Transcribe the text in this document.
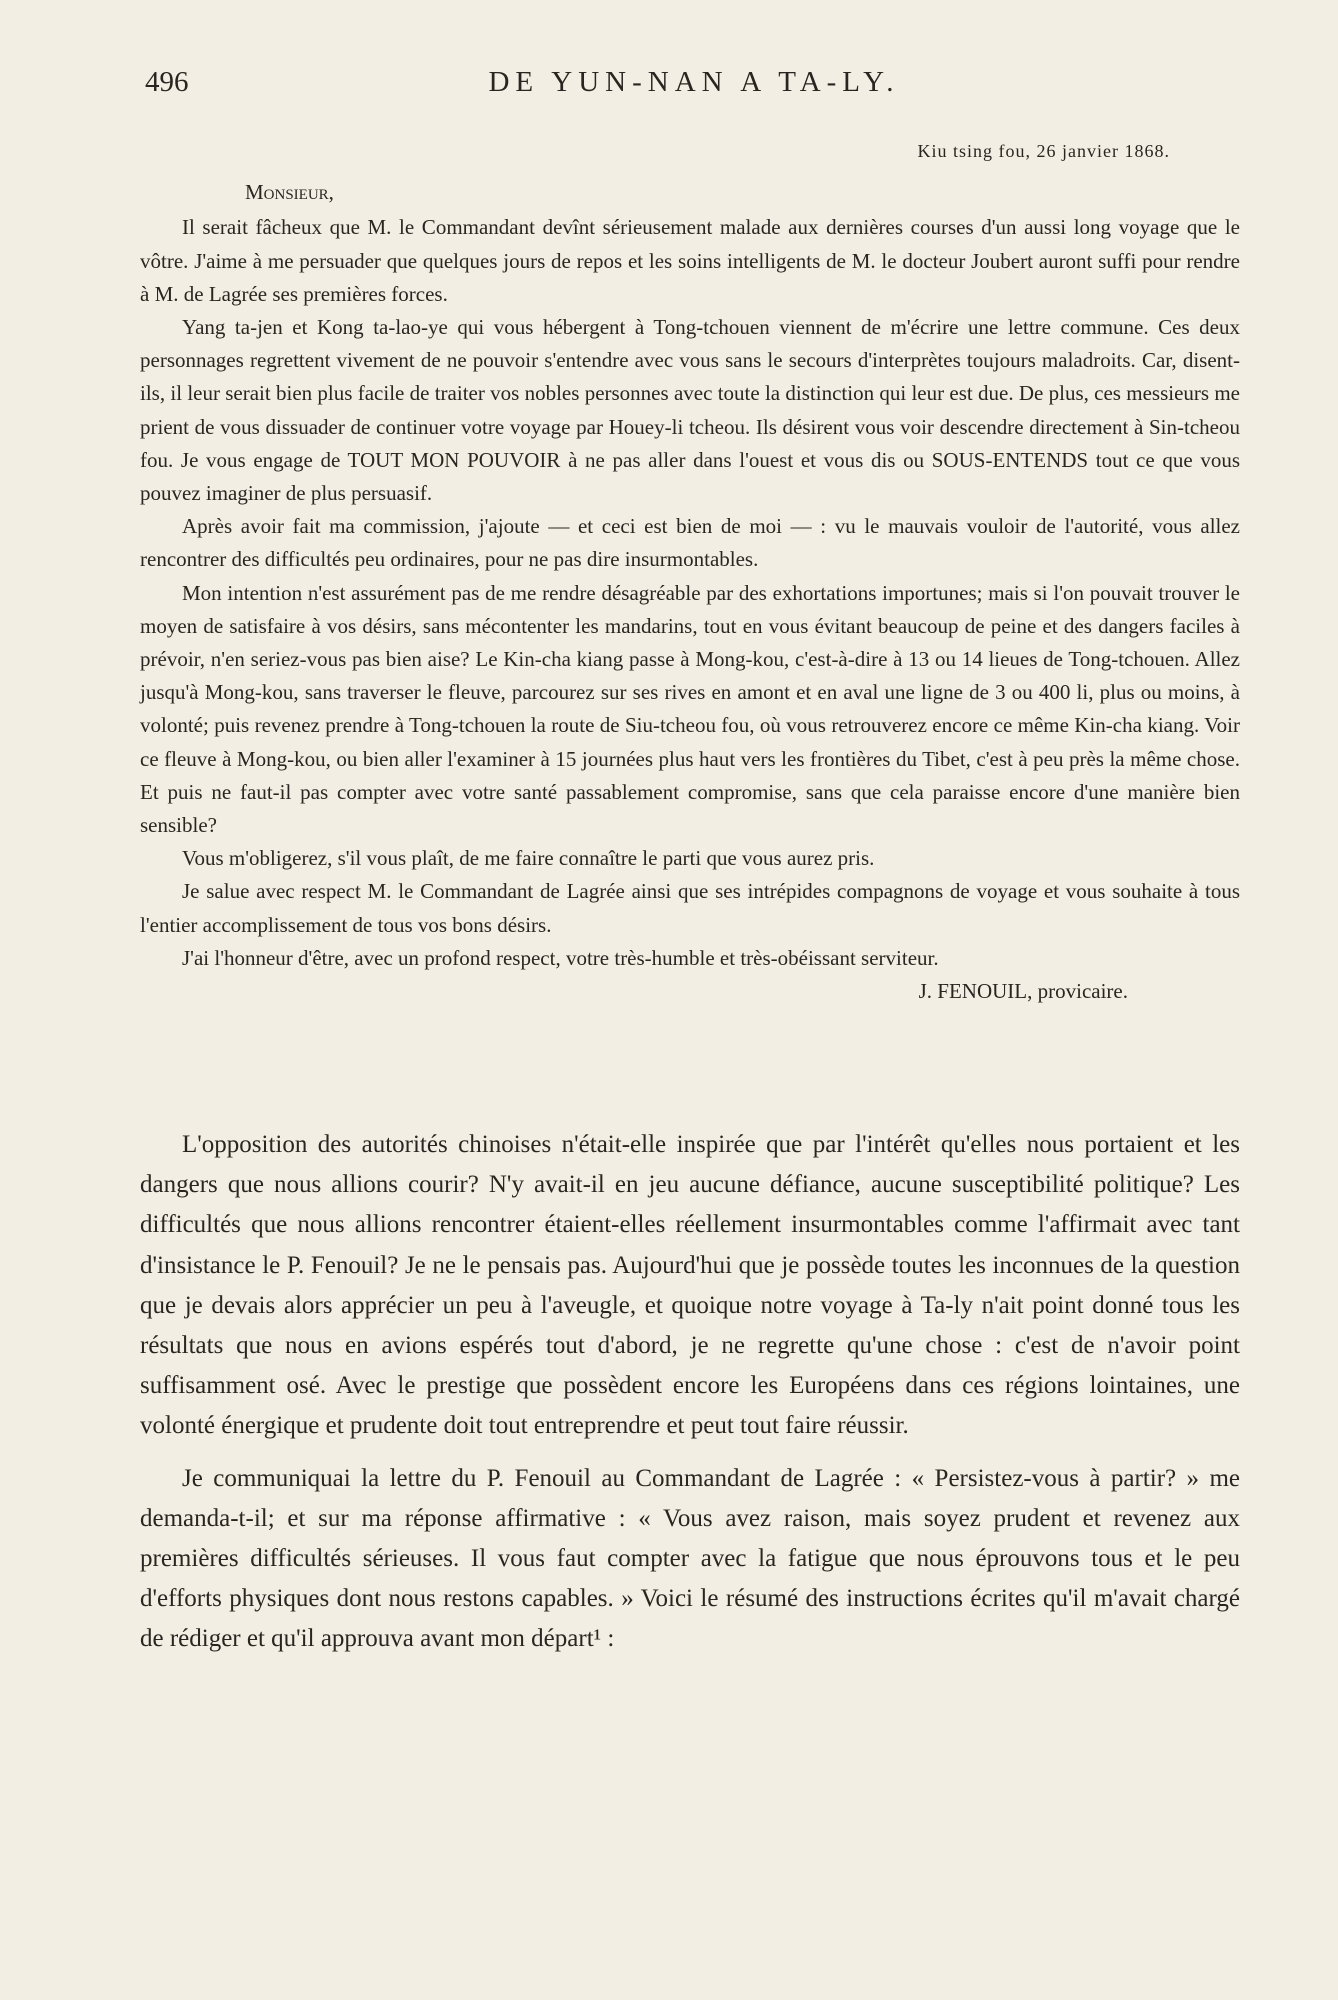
496	DE YUN-NAN A TA-LY.
Kiu tsing fou, 26 janvier 1868.
Monsieur,

Il serait fâcheux que M. le Commandant devînt sérieusement malade aux dernières courses d'un aussi long voyage que le vôtre. J'aime à me persuader que quelques jours de repos et les soins intelligents de M. le docteur Joubert auront suffi pour rendre à M. de Lagrée ses premières forces.

Yang ta-jen et Kong ta-lao-ye qui vous hébergent à Tong-tchouen viennent de m'écrire une lettre commune. Ces deux personnages regrettent vivement de ne pouvoir s'entendre avec vous sans le secours d'interprètes toujours maladroits. Car, disent-ils, il leur serait bien plus facile de traiter vos nobles personnes avec toute la distinction qui leur est due. De plus, ces messieurs me prient de vous dissuader de continuer votre voyage par Houey-li tcheou. Ils désirent vous voir descendre directement à Sin-tcheou fou. Je vous engage de TOUT MON POUVOIR à ne pas aller dans l'ouest et vous dis ou SOUS-ENTENDS tout ce que vous pouvez imaginer de plus persuasif.

Après avoir fait ma commission, j'ajoute — et ceci est bien de moi — : vu le mauvais vouloir de l'autorité, vous allez rencontrer des difficultés peu ordinaires, pour ne pas dire insurmontables.

Mon intention n'est assurément pas de me rendre désagréable par des exhortations importunes; mais si l'on pouvait trouver le moyen de satisfaire à vos désirs, sans mécontenter les mandarins, tout en vous évitant beaucoup de peine et des dangers faciles à prévoir, n'en seriez-vous pas bien aise? Le Kin-cha kiang passe à Mong-kou, c'est-à-dire à 13 ou 14 lieues de Tong-tchouen. Allez jusqu'à Mong-kou, sans traverser le fleuve, parcourez sur ses rives en amont et en aval une ligne de 3 ou 400 li, plus ou moins, à volonté; puis revenez prendre à Tong-tchouen la route de Siu-tcheou fou, où vous retrouverez encore ce même Kin-cha kiang. Voir ce fleuve à Mong-kou, ou bien aller l'examiner à 15 journées plus haut vers les frontières du Tibet, c'est à peu près la même chose. Et puis ne faut-il pas compter avec votre santé passablement compromise, sans que cela paraisse encore d'une manière bien sensible?

Vous m'obligerez, s'il vous plaît, de me faire connaître le parti que vous aurez pris.

Je salue avec respect M. le Commandant de Lagrée ainsi que ses intrépides compagnons de voyage et vous souhaite à tous l'entier accomplissement de tous vos bons désirs.

J'ai l'honneur d'être, avec un profond respect, votre très-humble et très-obéissant serviteur.

J. FENOUIL, provicaire.

L'opposition des autorités chinoises n'était-elle inspirée que par l'intérêt qu'elles nous portaient et les dangers que nous allions courir? N'y avait-il en jeu aucune défiance, aucune susceptibilité politique? Les difficultés que nous allions rencontrer étaient-elles réellement insurmontables comme l'affirmait avec tant d'insistance le P. Fenouil? Je ne le pensais pas. Aujourd'hui que je possède toutes les inconnues de la question que je devais alors apprécier un peu à l'aveugle, et quoique notre voyage à Ta-ly n'ait point donné tous les résultats que nous en avions espérés tout d'abord, je ne regrette qu'une chose : c'est de n'avoir point suffisamment osé. Avec le prestige que possèdent encore les Européens dans ces régions lointaines, une volonté énergique et prudente doit tout entreprendre et peut tout faire réussir.

Je communiquai la lettre du P. Fenouil au Commandant de Lagrée : « Persistez-vous à partir? » me demanda-t-il; et sur ma réponse affirmative : « Vous avez raison, mais soyez prudent et revenez aux premières difficultés sérieuses. Il vous faut compter avec la fatigue que nous éprouvons tous et le peu d'efforts physiques dont nous restons capables. » Voici le résumé des instructions écrites qu'il m'avait chargé de rédiger et qu'il approuva avant mon départ¹ :
